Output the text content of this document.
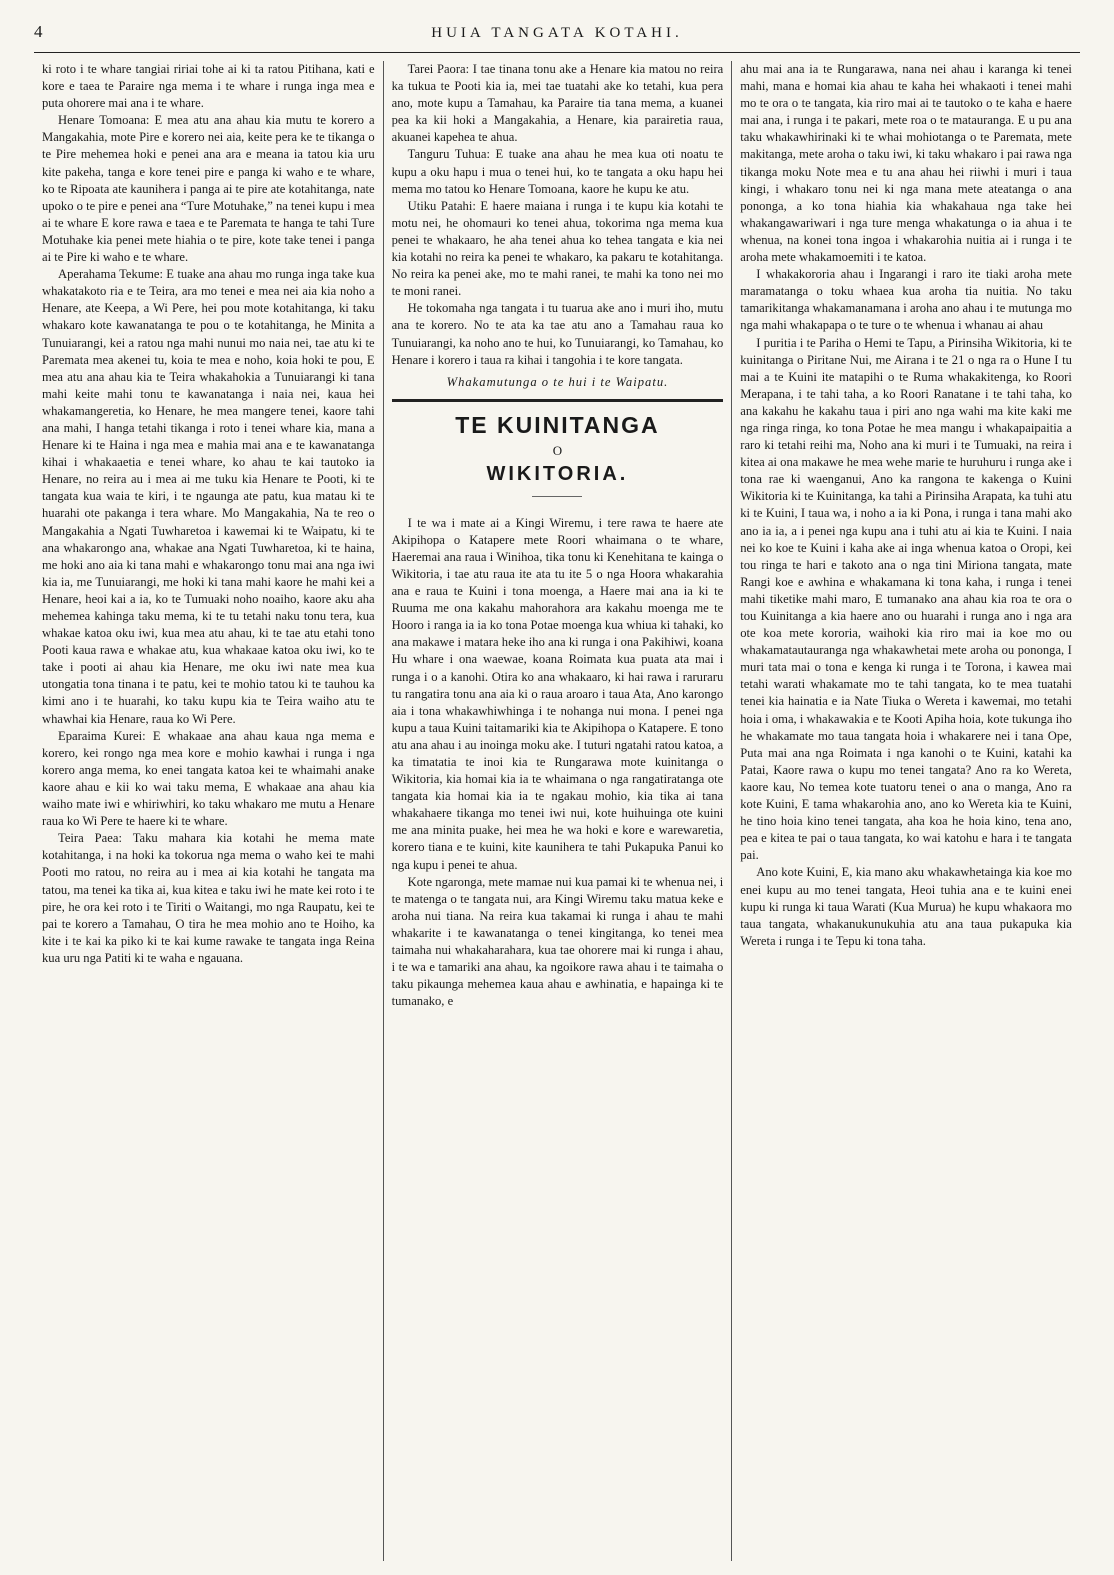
4	HUIA TANGATA KOTAHI.

ki roto i te whare tangiai ririai tohe ai ki ta ratou Pitihana, kati e kore e taea te Paraire nga mema i te whare i runga inga mea e puta ohorere mai ana i te whare.

Henare Tomoana: E mea atu ana ahau kia mutu te korero a Mangakahia, mote Pire e korero nei aia, keite pera ke te tikanga o te Pire mehemea hoki e penei ana ara e meana ia tatou kia uru kite pakeha, tanga e kore tenei pire e panga ki waho e te whare, ko te Ripoata ate kaunihera i panga ai te pire ate kotahitanga, nate upoko o te pire e penei ana “Ture Motuhake,” na tenei kupu i mea ai te whare E kore rawa e taea e te Paremata te hanga te tahi Ture Motuhake kia penei mete hiahia o te pire, kote take tenei i panga ai te Pire ki waho e te whare.

Aperahama Tekume: E tuake ana ahau mo runga inga take kua whakatakoto ria e te Teira, ara mo tenei e mea nei aia kia noho a Henare, ate Keepa, a Wi Pere, hei pou mote kotahitanga, ki taku whakaro kote kawanatanga te pou o te kotahitanga, he Minita a Tunuiarangi, kei a ratou nga mahi nunui mo naia nei, tae atu ki te Paremata mea akenei tu, koia te mea e noho, koia hoki te pou, E mea atu ana ahau kia te Teira whakahokia a Tunuiarangi ki tana mahi keite mahi tonu te kawanatanga i naia nei, kaua hei whakamangeretia, ko Henare, he mea mangere tenei, kaore tahi ana mahi, I hanga tetahi tikanga i roto i tenei whare kia, mana a Henare ki te Haina i nga mea e mahia mai ana e te kawanatanga kihai i whakaaetia e tenei whare, ko ahau te kai tautoko ia Henare, no reira au i mea ai me tuku kia Henare te Pooti, ki te tangata kua waia te kiri, i te ngaunga ate patu, kua matau ki te huarahi ote pakanga i tera whare. Mo Mangakahia, Na te reo o Mangakahia a Ngati Tuwharetoa i kawemai ki te Waipatu, ki te ana whakarongo ana, whakae ana Ngati Tuwharetoa, ki te haina, me hoki ano aia ki tana mahi e whakarongo tonu mai ana nga iwi kia ia, me Tunuiarangi, me hoki ki tana mahi kaore he mahi kei a Henare, heoi kai a ia, ko te Tumuaki noho noaiho, kaore aku aha mehemea kahinga taku mema, ki te tu tetahi naku tonu tera, kua whakae katoa oku iwi, kua mea atu ahau, ki te tae atu etahi tono Pooti kaua rawa e whakae atu, kua whakaae katoa oku iwi, ko te take i pooti ai ahau kia Henare, me oku iwi nate mea kua utongatia tona tinana i te patu, kei te mohio tatou ki te tauhou ka kimi ano i te huarahi, ko taku kupu kia te Teira waiho atu te whawhai kia Henare, raua ko Wi Pere.

Eparaima Kurei: E whakaae ana ahau kaua nga mema e korero, kei rongo nga mea kore e mohio kawhai i runga i nga korero anga mema, ko enei tangata katoa kei te whaimahi anake kaore ahau e kii ko wai taku mema, E whakaae ana ahau kia waiho mate iwi e whiriwhiri, ko taku whakaro me mutu a Henare raua ko Wi Pere te haere ki te whare.

Teira Paea: Taku mahara kia kotahi he mema mate kotahitanga, i na hoki ka tokorua nga mema o waho kei te mahi Pooti mo ratou, no reira au i mea ai kia kotahi he tangata ma tatou, ma tenei ka tika ai, kua kitea e taku iwi he mate kei roto i te pire, he ora kei roto i te Tiriti o Waitangi, mo nga Raupatu, kei te pai te korero a Tamahau, O tira he mea mohio ano te Hoiho, ka kite i te kai ka piko ki te kai kume rawake te tangata inga Reina kua uru nga Patiti ki te waha e ngauana.

Tarei Paora: I tae tinana tonu ake a Henare kia matou no reira ka tukua te Pooti kia ia, mei tae tuatahi ake ko tetahi, kua pera ano, mote kupu a Tamahau, ka Paraire tia tana mema, a kuanei pea ka kii hoki a Mangakahia, a Henare, kia parairetia raua, akuanei kapehea te ahua.

Tanguru Tuhua: E tuake ana ahau he mea kua oti noatu te kupu a oku hapu i mua o tenei hui, ko te tangata a oku hapu hei mema mo tatou ko Henare Tomoana, kaore he kupu ke atu.

Utiku Patahi: E haere maiana i runga i te kupu kia kotahi te motu nei, he ohomauri ko tenei ahua, tokorima nga mema kua penei te whakaaro, he aha tenei ahua ko tehea tangata e kia nei kia kotahi no reira ka penei te whakaro, ka pakaru te kotahitanga. No reira ka penei ake, mo te mahi ranei, te mahi ka tono nei mo te moni ranei.

He tokomaha nga tangata i tu tuarua ake ano i muri iho, mutu ana te korero. No te ata ka tae atu ano a Tamahau raua ko Tunuiarangi, ka noho ano te hui, ko Tunuiarangi, ko Tamahau, ko Henare i korero i taua ra kihai i tangohia i te kore tangata.

Whakamutunga o te hui i te Waipatu.
TE KUINITANGA
O
WIKITORIA.

I te wa i mate ai a Kingi Wiremu, i tere rawa te haere ate Akipihopa o Katapere mete Roori whaimana o te whare, Haeremai ana raua i Winihoa, tika tonu ki Kenehitana te kainga o Wikitoria, i tae atu raua ite ata tu ite 5 o nga Hoora whakarahia ana e raua te Kuini i tona moenga, a Haere mai ana ia ki te Ruuma me ona kakahu mahorahora ara kakahu moenga me te Hooro i ranga ia ia ko tona Potae moenga kua whiua ki tahaki, ko ana makawe i matara heke iho ana ki runga i ona Pakihiwi, koana Hu whare i ona waewae, koana Roimata kua puata ata mai i runga i o a kanohi. Otira ko ana whakaaro, ki hai rawa i raruraru tu rangatira tonu ana aia ki o raua aroaro i taua Ata, Ano karongo aia i tona whakawhiwhinga i te nohanga nui mona. I penei nga kupu a taua Kuini taitamariki kia te Akipihopa o Katapere. E tono atu ana ahau i au inoinga moku ake. I tuturi ngatahi ratou katoa, a ka timatatia te inoi kia te Rungarawa mote kuinitanga o Wikitoria, kia homai kia ia te whaimana o nga rangatiratanga ote tangata kia homai kia ia te ngakau mohio, kia tika ai tana whakahaere tikanga mo tenei iwi nui, kote huihuinga ote kuini me ana minita puake, hei mea he wa hoki e kore e warewaretia, korero tiana e te kuini, kite kaunihera te tahi Pukapuka Panui ko nga kupu i penei te ahua.

Kote ngaronga, mete mamae nui kua pamai ki te whenua nei, i te matenga o te tangata nui, ara Kingi Wiremu taku matua keke e aroha nui tiana. Na reira kua takamai ki runga i ahau te mahi whakarite i te kawanatanga o tenei kingitanga, ko tenei mea taimaha nui whakaharahara, kua tae ohorere mai ki runga i ahau, i te wa e tamariki ana ahau, ka ngoikore rawa ahau i te taimaha o taku pikaunga mehemea kaua ahau e awhinatia, e hapainga ki te tumanako, e

ahu mai ana ia te Rungarawa, nana nei ahau i karanga ki tenei mahi, mana e homai kia ahau te kaha hei whakaoti i tenei mahi mo te ora o te tangata, kia riro mai ai te tautoko o te kaha e haere mai ana, i runga i te pakari, mete roa o te matauranga. E u pu ana taku whakawhirinaki ki te whai mohiotanga o te Paremata, mete makitanga, mete aroha o taku iwi, ki taku whakaro i pai rawa nga tikanga moku Note mea e tu ana ahau hei riiwhi i muri i taua kingi, i whakaro tonu nei ki nga mana mete ateatanga o ana pononga, a ko tona hiahia kia whakahaua nga take hei whakangawariwari i nga ture menga whakatunga o ia ahua i te whenua, na konei tona ingoa i whakarohia nuitia ai i runga i te aroha mete whakamoemiti i te katoa.

I whakakororia ahau i Ingarangi i raro ite tiaki aroha mete maramatanga o toku whaea kua aroha tia nuitia. No taku tamarikitanga whakamanamana i aroha ano ahau i te mutunga mo nga mahi whakapapa o te ture o te whenua i whanau ai ahau

I puritia i te Pariha o Hemi te Tapu, a Pirinsiha Wikitoria, ki te kuinitanga o Piritane Nui, me Airana i te 21 o nga ra o Hune I tu mai a te Kuini ite matapihi o te Ruma whakakitenga, ko Roori Merapana, i te tahi taha, a ko Roori Ranatane i te tahi taha, ko ana kakahu he kakahu taua i piri ano nga wahi ma kite kaki me nga ringa ringa, ko tona Potae he mea mangu i whakapaipaitia a raro ki tetahi reihi ma, Noho ana ki muri i te Tumuaki, na reira i kitea ai ona makawe he mea wehe marie te huruhuru i runga ake i tona rae ki waenganui, Ano ka rangona te kakenga o Kuini Wikitoria ki te Kuinitanga, ka tahi a Pirinsiha Arapata, ka tuhi atu ki te Kuini, I taua wa, i noho a ia ki Pona, i runga i tana mahi ako ano ia ia, a i penei nga kupu ana i tuhi atu ai kia te Kuini. I naia nei ko koe te Kuini i kaha ake ai inga whenua katoa o Oropi, kei tou ringa te hari e takoto ana o nga tini Miriona tangata, mate Rangi koe e awhina e whakamana ki tona kaha, i runga i tenei mahi tiketike mahi maro, E tumanako ana ahau kia roa te ora o tou Kuinitanga a kia haere ano ou huarahi i runga ano i nga ara ote koa mete kororia, waihoki kia riro mai ia koe mo ou whakamatautauranga nga whakawhetai mete aroha ou pononga, I muri tata mai o tona e kenga ki runga i te Torona, i kawea mai tetahi warati whakamate mo te tahi tangata, ko te mea tuatahi tenei kia hainatia e ia Nate Tiuka o Wereta i kawemai, mo tetahi hoia i oma, i whakawakia e te Kooti Apiha hoia, kote tukunga iho he whakamate mo taua tangata hoia i whakarere nei i tana Ope, Puta mai ana nga Roimata i nga kanohi o te Kuini, katahi ka Patai, Kaore rawa o kupu mo tenei tangata? Ano ra ko Wereta, kaore kau, No temea kote tuatoru tenei o ana o manga, Ano ra kote Kuini, E tama whakarohia ano, ano ko Wereta kia te Kuini, he tino hoia kino tenei tangata, aha koa he hoia kino, tena ano, pea e kitea te pai o taua tangata, ko wai katohu e hara i te tangata pai.

Ano kote Kuini, E, kia mano aku whakawhetainga kia koe mo enei kupu au mo tenei tangata, Heoi tuhia ana e te kuini enei kupu ki runga ki taua Warati (Kua Murua) he kupu whakaora mo taua tangata, whakanukunukuhia atu ana taua pukapuka kia Wereta i runga i te Tepu ki tona taha.
